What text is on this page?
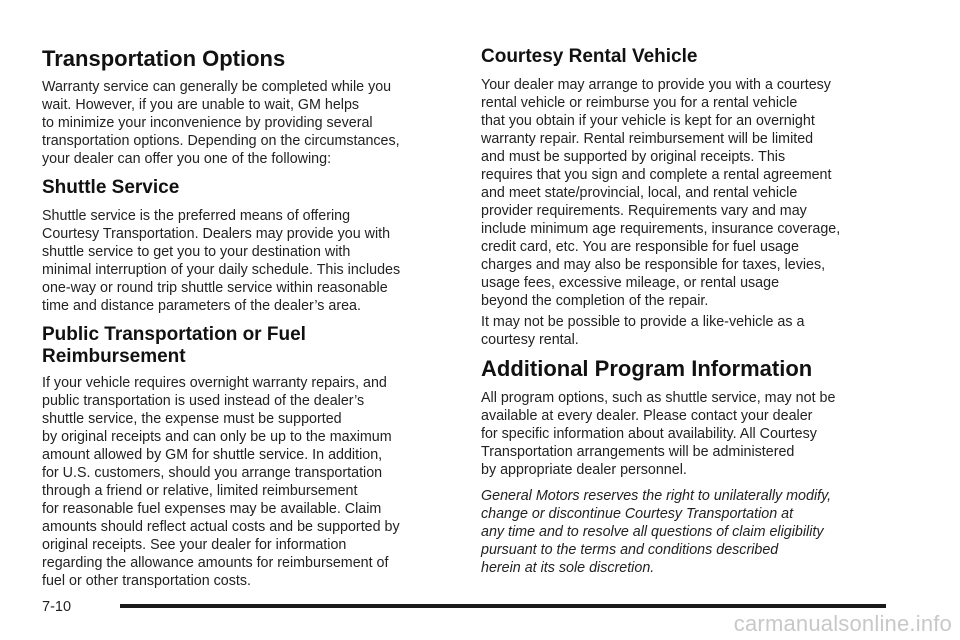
Transportation Options

Warranty service can generally be completed while you
wait. However, if you are unable to wait, GM helps
to minimize your inconvenience by providing several
transportation options. Depending on the circumstances,
your dealer can offer you one of the following:

Shuttle Service

Shuttle service is the preferred means of offering
Courtesy Transportation. Dealers may provide you with
shuttle service to get you to your destination with
minimal interruption of your daily schedule. This includes
one-way or round trip shuttle service within reasonable
time and distance parameters of the dealer’s area.

Public Transportation or Fuel
Reimbursement

If your vehicle requires overnight warranty repairs, and
public transportation is used instead of the dealer’s
shuttle service, the expense must be supported
by original receipts and can only be up to the maximum
amount allowed by GM for shuttle service. In addition,
for U.S. customers, should you arrange transportation
through a friend or relative, limited reimbursement
for reasonable fuel expenses may be available. Claim
amounts should reflect actual costs and be supported by
original receipts. See your dealer for information
regarding the allowance amounts for reimbursement of
fuel or other transportation costs.

Courtesy Rental Vehicle

Your dealer may arrange to provide you with a courtesy
rental vehicle or reimburse you for a rental vehicle
that you obtain if your vehicle is kept for an overnight
warranty repair. Rental reimbursement will be limited
and must be supported by original receipts. This
requires that you sign and complete a rental agreement
and meet state/provincial, local, and rental vehicle
provider requirements. Requirements vary and may
include minimum age requirements, insurance coverage,
credit card, etc. You are responsible for fuel usage
charges and may also be responsible for taxes, levies,
usage fees, excessive mileage, or rental usage
beyond the completion of the repair.

It may not be possible to provide a like-vehicle as a
courtesy rental.

Additional Program Information

All program options, such as shuttle service, may not be
available at every dealer. Please contact your dealer
for specific information about availability. All Courtesy
Transportation arrangements will be administered
by appropriate dealer personnel.

General Motors reserves the right to unilaterally modify,
change or discontinue Courtesy Transportation at
any time and to resolve all questions of claim eligibility
pursuant to the terms and conditions described
herein at its sole discretion.

7-10
carmanualsonline.info
